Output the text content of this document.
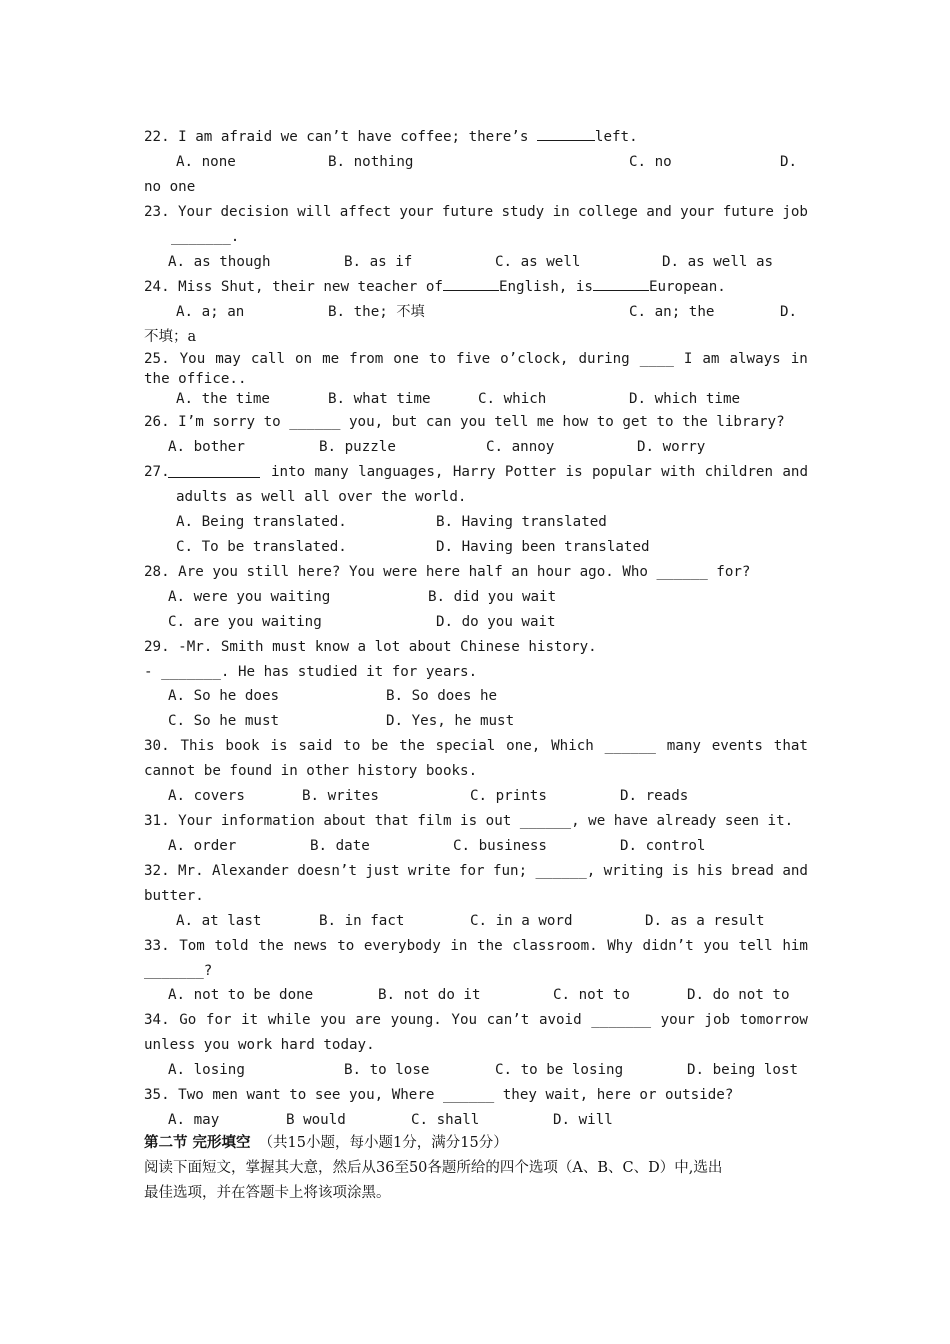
22. I am afraid we can’t have coffee; there’s	left.
A. none	B. nothing	C. no	D.
no one
23. Your decision will affect your future study in college and your future job
_______.
A. as though	B. as if	C. as well	D. as well as
24. Miss Shut, their new teacher of	English, is	European.
A. a; an	B. the; 不填	C. an; the	D.
不填；a
25. You may call on me from one to five o’clock, during ____ I am always in
the office..
A. the time	B. what time	C. which	D. which time
26. I’m sorry to ______ you, but can you tell me how to get to the library?
A. bother	B. puzzle	C. annoy	D. worry
27.	into many languages, Harry Potter is popular with children and
adults as well all over the world.
A. Being translated.	B. Having translated
C. To be translated.	D. Having been translated
28. Are you still here? You were here half an hour ago. Who ______ for?
A. were you waiting	B. did you wait
C. are you waiting	D. do you wait
29. -Mr. Smith must know a lot about Chinese history.
- _______. He has studied it for years.
A. So he does	B. So does he
C. So he must	D. Yes, he must
30. This book is said to be the special one, Which ______ many events that
cannot be found in other history books.
A. covers	B. writes	C. prints	D. reads
31. Your information about that film is out ______, we have already seen it.
A. order	B. date	C. business	D. control
32. Mr. Alexander doesn’t just write for fun; ______, writing is his bread and
butter.
A. at last	B. in fact	C. in a word	D. as a result
33. Tom told the news to everybody in the classroom. Why didn’t you tell him
_______?
A. not to be done	B. not do it	C. not to	D. do not to
34. Go for it while you are young. You can’t avoid _______ your job tomorrow
unless you work hard today.
A. losing	B. to lose	C. to be losing	D. being lost
35. Two men want to see you, Where ______ they wait, here or outside?
A. may	B would	C. shall	D. will
第二节 完形填空 （共15小题，每小题1分，满分15分）
阅读下面短文，掌握其大意，然后从36至50各题所给的四个选项（A、B、C、D）中,选出
最佳选项，并在答题卡上将该项涂黑。
